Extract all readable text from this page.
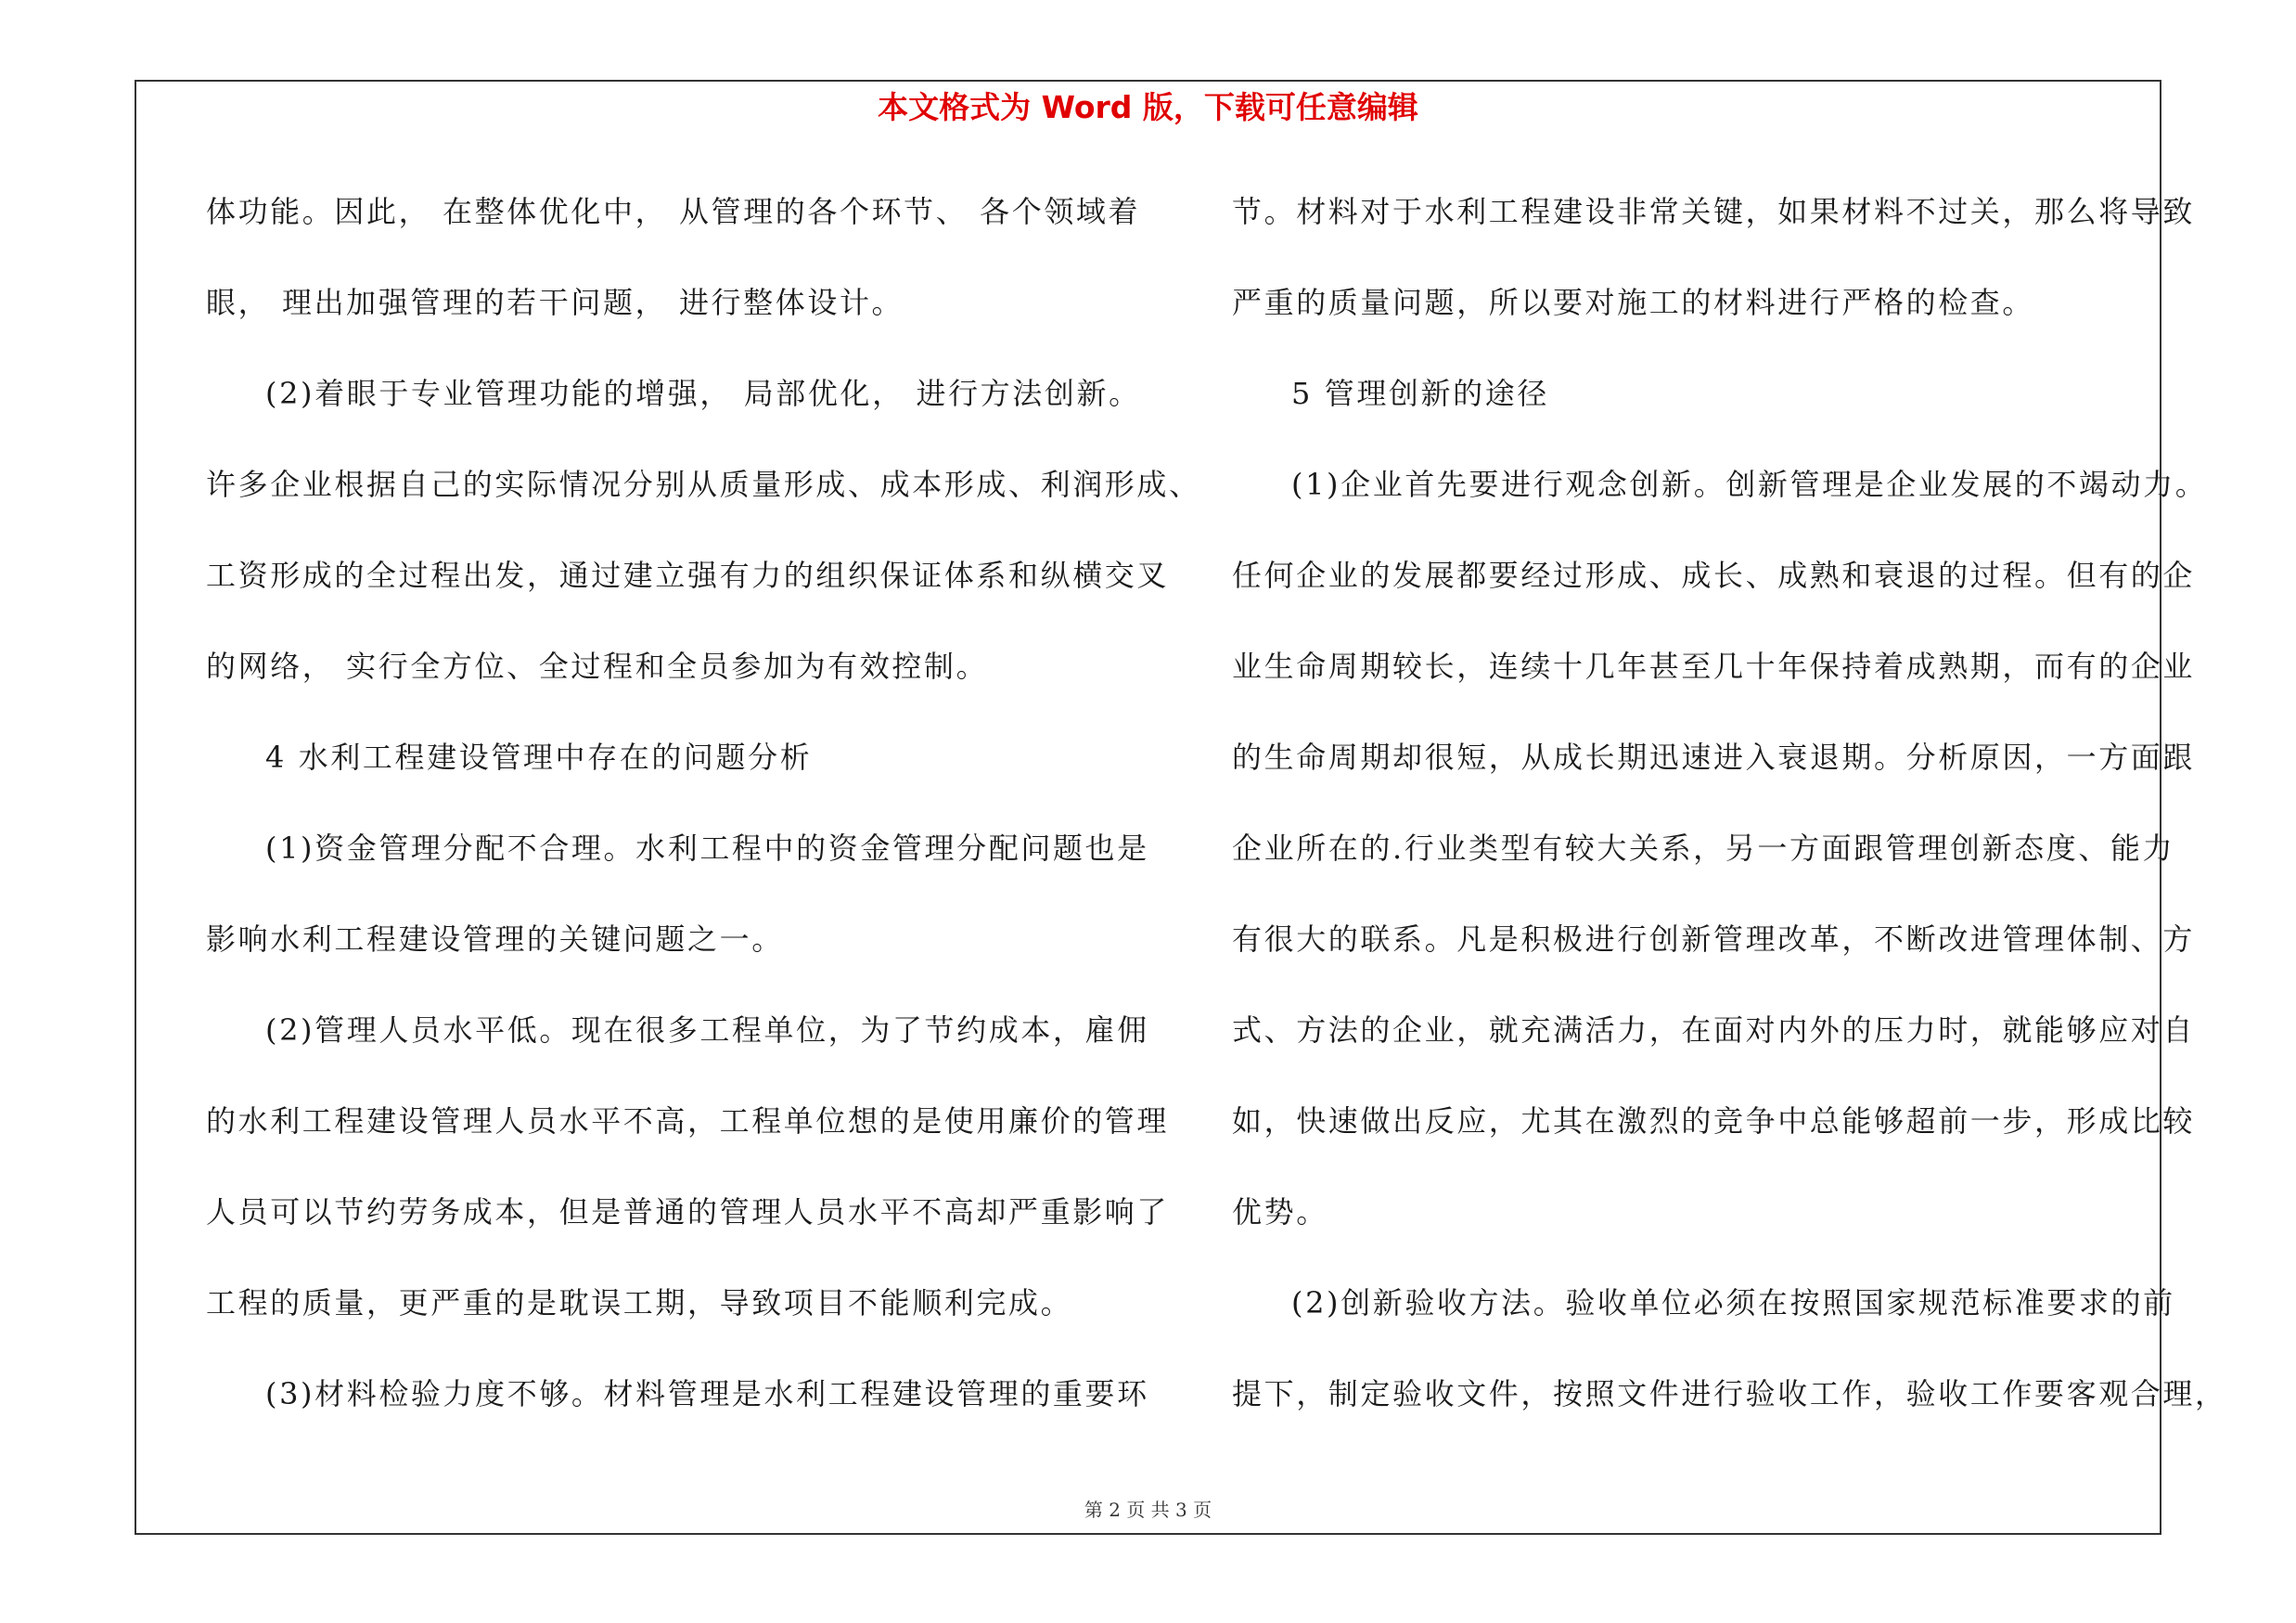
本文格式为 Word 版，下载可任意编辑
体功能。因此， 在整体优化中， 从管理的各个环节、 各个领域着
眼， 理出加强管理的若干问题， 进行整体设计。
(2)着眼于专业管理功能的增强， 局部优化， 进行方法创新。
许多企业根据自己的实际情况分别从质量形成、成本形成、利润形成、
工资形成的全过程出发，通过建立强有力的组织保证体系和纵横交叉
的网络， 实行全方位、全过程和全员参加为有效控制。
4 水利工程建设管理中存在的问题分析
(1)资金管理分配不合理。水利工程中的资金管理分配问题也是
影响水利工程建设管理的关键问题之一。
(2)管理人员水平低。现在很多工程单位，为了节约成本，雇佣
的水利工程建设管理人员水平不高，工程单位想的是使用廉价的管理
人员可以节约劳务成本，但是普通的管理人员水平不高却严重影响了
工程的质量，更严重的是耽误工期，导致项目不能顺利完成。
(3)材料检验力度不够。材料管理是水利工程建设管理的重要环
节。材料对于水利工程建设非常关键，如果材料不过关，那么将导致
严重的质量问题，所以要对施工的材料进行严格的检查。
5 管理创新的途径
(1)企业首先要进行观念创新。创新管理是企业发展的不竭动力。
任何企业的发展都要经过形成、成长、成熟和衰退的过程。但有的企
业生命周期较长，连续十几年甚至几十年保持着成熟期，而有的企业
的生命周期却很短，从成长期迅速进入衰退期。分析原因，一方面跟
企业所在的.行业类型有较大关系，另一方面跟管理创新态度、能力
有很大的联系。凡是积极进行创新管理改革，不断改进管理体制、方
式、方法的企业，就充满活力，在面对内外的压力时，就能够应对自
如，快速做出反应，尤其在激烈的竞争中总能够超前一步，形成比较
优势。
(2)创新验收方法。验收单位必须在按照国家规范标准要求的前
提下，制定验收文件，按照文件进行验收工作，验收工作要客观合理，
第 2 页 共 3 页
